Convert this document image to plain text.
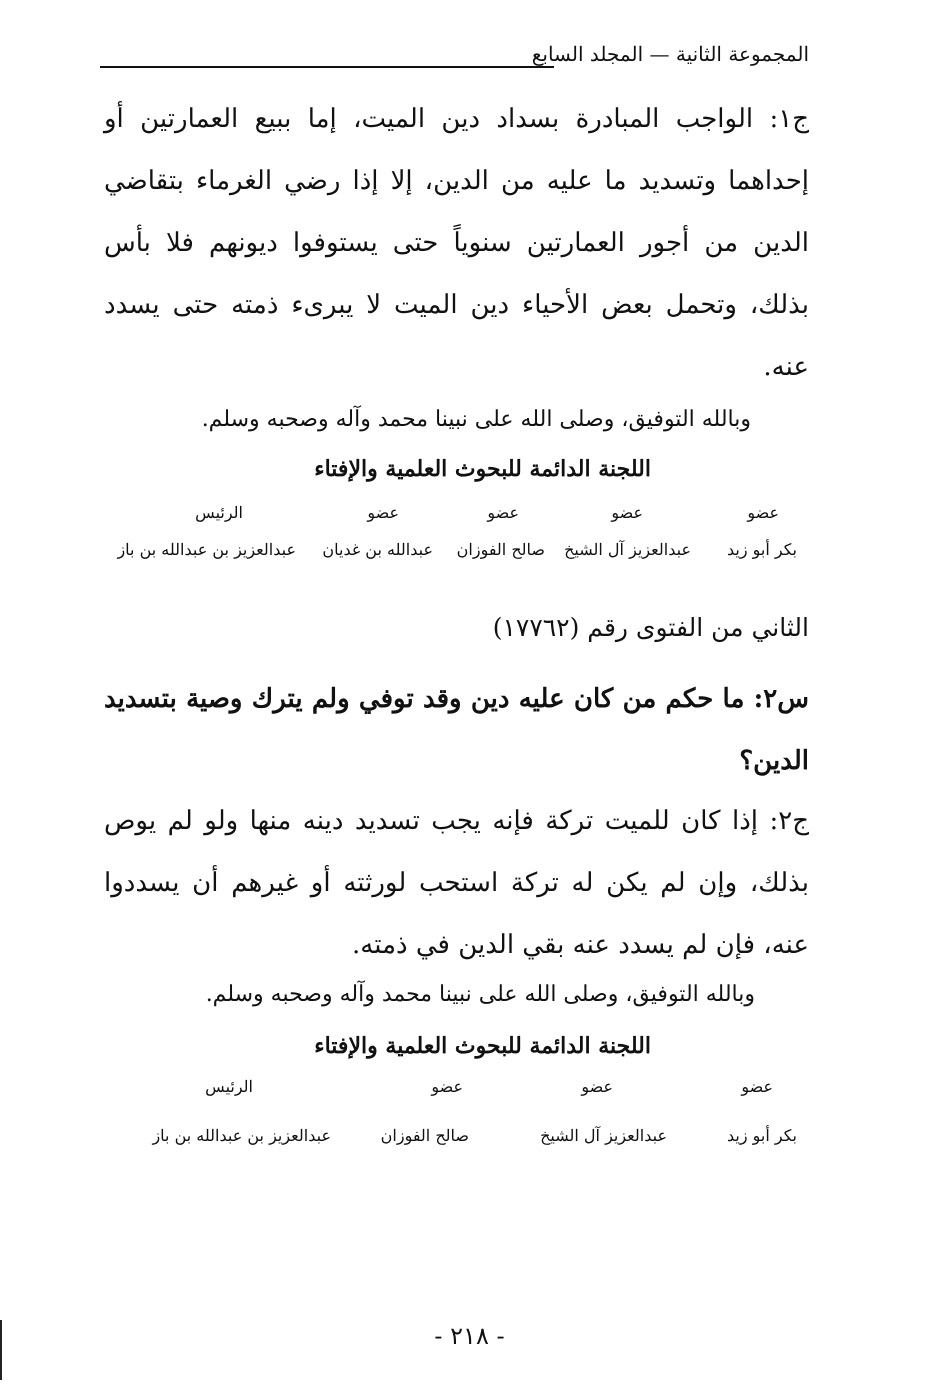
المجموعة الثانية — المجلد السابع
ج١: الواجب المبادرة بسداد دين الميت، إما ببيع العمارتين أو إحداهما وتسديد ما عليه من الدين، إلا إذا رضي الغرماء بتقاضي الدين من أجور العمارتين سنوياً حتى يستوفوا ديونهم فلا بأس بذلك، وتحمل بعض الأحياء دين الميت لا يبرىء ذمته حتى يسدد عنه.
وبالله التوفيق، وصلى الله على نبينا محمد وآله وصحبه وسلم.
اللجنة الدائمة للبحوث العلمية والإفتاء
عضو
عضو
عضو
عضو
الرئيس
بكر أبو زيد
عبدالعزيز آل الشيخ
صالح الفوزان
عبدالله بن غديان
عبدالعزيز بن عبدالله بن باز
الثاني من الفتوى رقم (١٧٧٦٢)
س٢: ما حكم من كان عليه دين وقد توفي ولم يترك وصية بتسديد الدين؟
ج٢: إذا كان للميت تركة فإنه يجب تسديد دينه منها ولو لم يوص بذلك، وإن لم يكن له تركة استحب لورثته أو غيرهم أن يسددوا عنه، فإن لم يسدد عنه بقي الدين في ذمته.
وبالله التوفيق، وصلى الله على نبينا محمد وآله وصحبه وسلم.
اللجنة الدائمة للبحوث العلمية والإفتاء
عضو
عضو
عضو
الرئيس
بكر أبو زيد
عبدالعزيز آل الشيخ
صالح الفوزان
عبدالعزيز بن عبدالله بن باز
- ٢١٨ -
